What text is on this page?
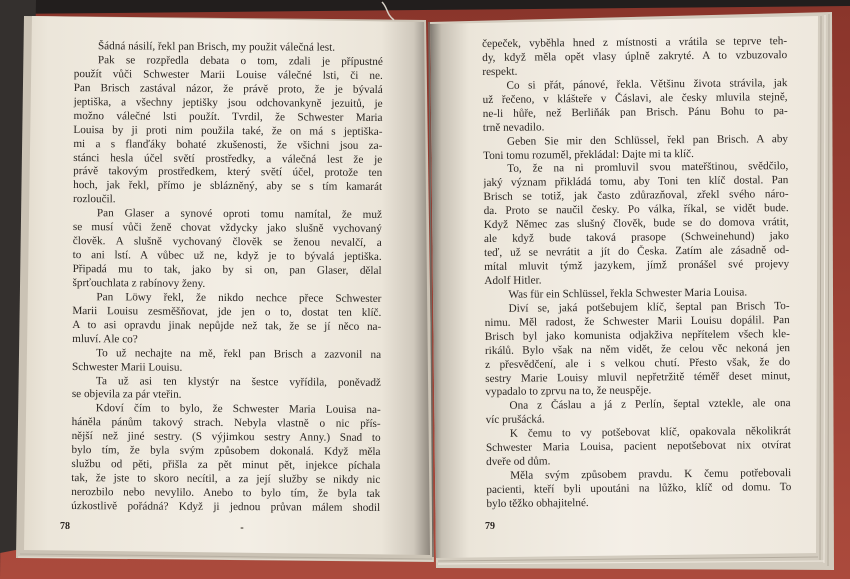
Šádná násilí, řekl pan Brisch, my použit válečná lest.
Pak se rozpředla debata o tom, zdali je přípustné
použít vůči Schwester Marii Louise válečné lsti, či ne.
Pan Brisch zastával názor, že právě proto, že je bývalá
jeptiška, a všechny jeptišky jsou odchovankyně jezuitů, je
možno válečné lsti použít. Tvrdil, že Schwester Maria
Louisa by ji proti nim použila také, že on má s jeptiška-
mi a s flanďáky bohaté zkušenosti, že všichni jsou za-
stánci hesla účel světí prostředky, a válečná lest že je
právě takovým prostředkem, který světí účel, protože ten
hoch, jak řekl, přímo je sblázněný, aby se s tím kamarát
rozloučil.
Pan Glaser a synové oproti tomu namítal, že muž
se musí vůči ženě chovat vždycky jako slušně vychovaný
člověk. A slušně vychovaný člověk se ženou nevalčí, a
to ani lstí. A vůbec už ne, když je to bývalá jeptiška.
Připadá mu to tak, jako by si on, pan Glaser, dělal
šprťouchlata z rabínovy ženy.
Pan Löwy řekl, že nikdo nechce přece Schwester
Marii Louisu zesměšňovat, jde jen o to, dostat ten klíč.
A to asi opravdu jinak nepůjde než tak, že se jí něco na-
mluví. Ale co?
To už nechajte na mě, řekl pan Brisch a zazvonil na
Schwester Marii Louisu.
Ta už asi ten klystýr na šestce vyřídila, poněvadž
se objevila za pár vteřin.
Kdoví čím to bylo, že Schwester Maria Louisa na-
háněla pánům takový strach. Nebyla vlastně o nic přís-
nější než jiné sestry. (S výjimkou sestry Anny.) Snad to
bylo tím, že byla svým způsobem dokonalá. Když měla
službu od pěti, přišla za pět minut pět, injekce píchala
tak, že jste to skoro necítil, a za její služby se nikdy nic
nerozbilo nebo nevylilo. Anebo to bylo tím, že byla tak
úzkostlivě pořádná? Když ji jednou průvan málem shodil
78
čepeček, vyběhla hned z místnosti a vrátila se teprve teh-
dy, když měla opět vlasy úplně zakryté. A to vzbuzovalo
respekt.
Co si přát, pánové, řekla. Většinu života strávila, jak
už řečeno, v klášteře v Čáslavi, ale česky mluvila stejně,
ne-li hůře, než Berliňák pan Brisch. Pánu Bohu to pa-
trně nevadilo.
Geben Sie mir den Schlüssel, řekl pan Brisch. A aby
Toni tomu rozuměl, překládal: Dajte mi ta klíč.
To, že na ni promluvil svou mateřštinou, svědčilo,
jaký význam přikládá tomu, aby Toni ten klíč dostal. Pan
Brisch se totiž, jak často zdůrazňoval, zřekl svého náro-
da. Proto se naučil česky. Po válka, říkal, se vidět bude.
Když Němec zas slušný člověk, bude se do domova vrátit,
ale když bude taková prasope (Schweinehund) jako
teď, už se nevrátit a jít do Česka. Zatím ale zásadně od-
mítal mluvit týmž jazykem, jímž pronášel své projevy
Adolf Hitler.
Was für ein Schlüssel, řekla Schwester Maria Louisa.
Diví se, jaká potšebujem klíč, šeptal pan Brisch To-
nimu. Měl radost, že Schwester Marii Louisu dopálil. Pan
Brisch byl jako komunista odjakživa nepřítelem všech kle-
rikálů. Bylo však na něm vidět, že celou věc nekoná jen
z přesvědčení, ale i s velkou chutí. Přesto však, že do
sestry Marie Louisy mluvil nepřetržitě téměř deset minut,
vypadalo to zprvu na to, že neuspěje.
Ona z Čáslau a já z Perlín, šeptal vztekle, ale ona
víc prušácká.
K čemu to vy potšebovat klíč, opakovala několikrát
Schwester Maria Louisa, pacient nepotšebovat nix otvírat
dveře od dům.
Měla svým způsobem pravdu. K čemu potřebovali
pacienti, kteří byli upoutáni na lůžko, klíč od domu. To
bylo těžko obhajitelné.
79
